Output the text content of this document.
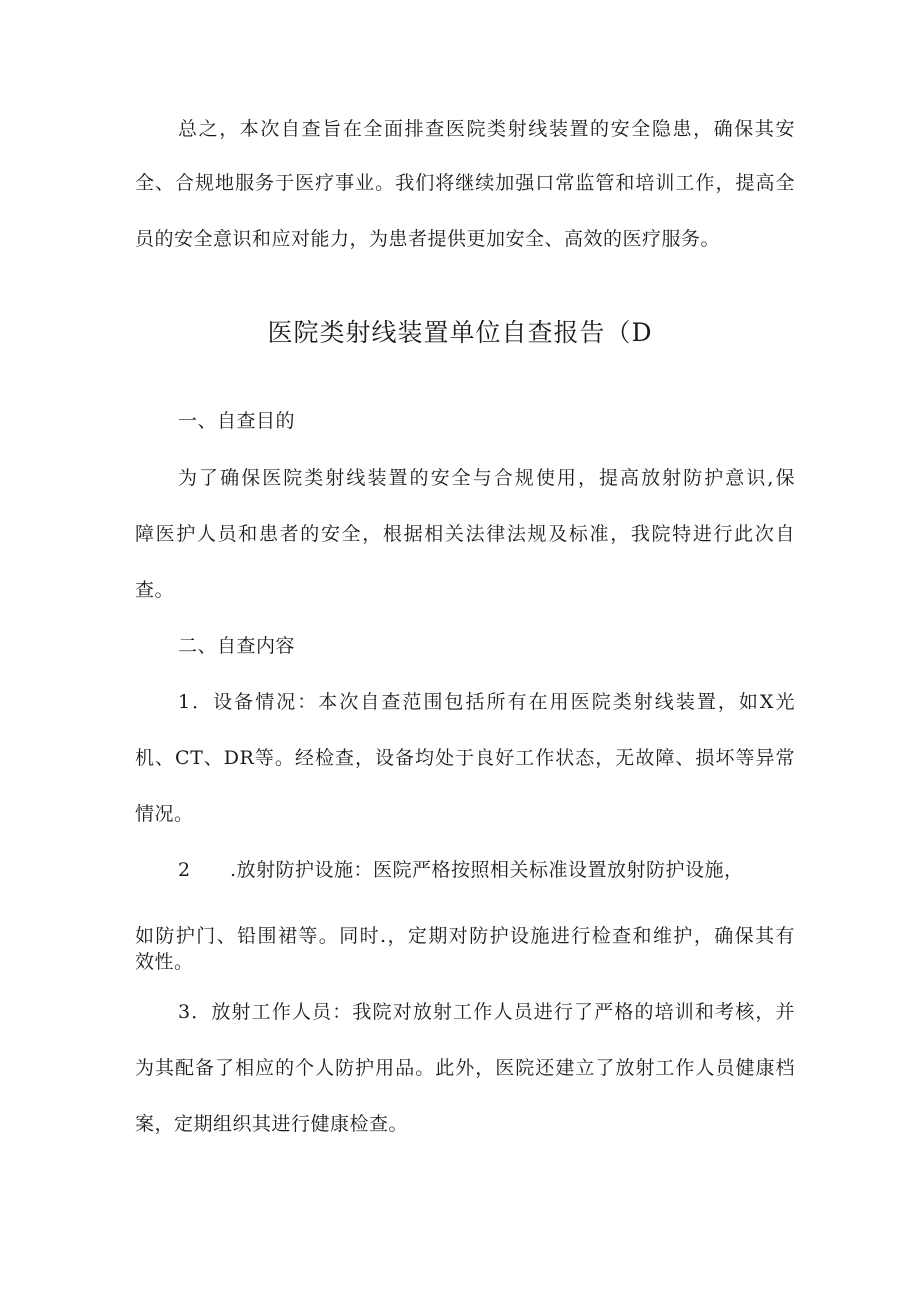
总之，本次自查旨在全面排查医院类射线装置的安全隐患，确保其安
全、合规地服务于医疗事业。我们将继续加强口常监管和培训工作，提高全
员的安全意识和应对能力，为患者提供更加安全、高效的医疗服务。
医院类射线装置单位自查报告（D
一、自查目的
为了确保医院类射线装置的安全与合规使用，提高放射防护意识,保
障医护人员和患者的安全，根据相关法律法规及标准，我院特进行此次自
查。
二、自查内容
1．设备情况：本次自查范围包括所有在用医院类射线装置，如X光
机、CT、DR等。经检查，设备均处于良好工作状态，无故障、损坏等异常
情况。
2 .放射防护设施：医院严格按照相关标准设置放射防护设施，
如防护门、铅围裙等。同时.，定期对防护设施进行检查和维护，确保其有
效性。
3．放射工作人员：我院对放射工作人员进行了严格的培训和考核，并
为其配备了相应的个人防护用品。此外，医院还建立了放射工作人员健康档
案，定期组织其进行健康检查。
